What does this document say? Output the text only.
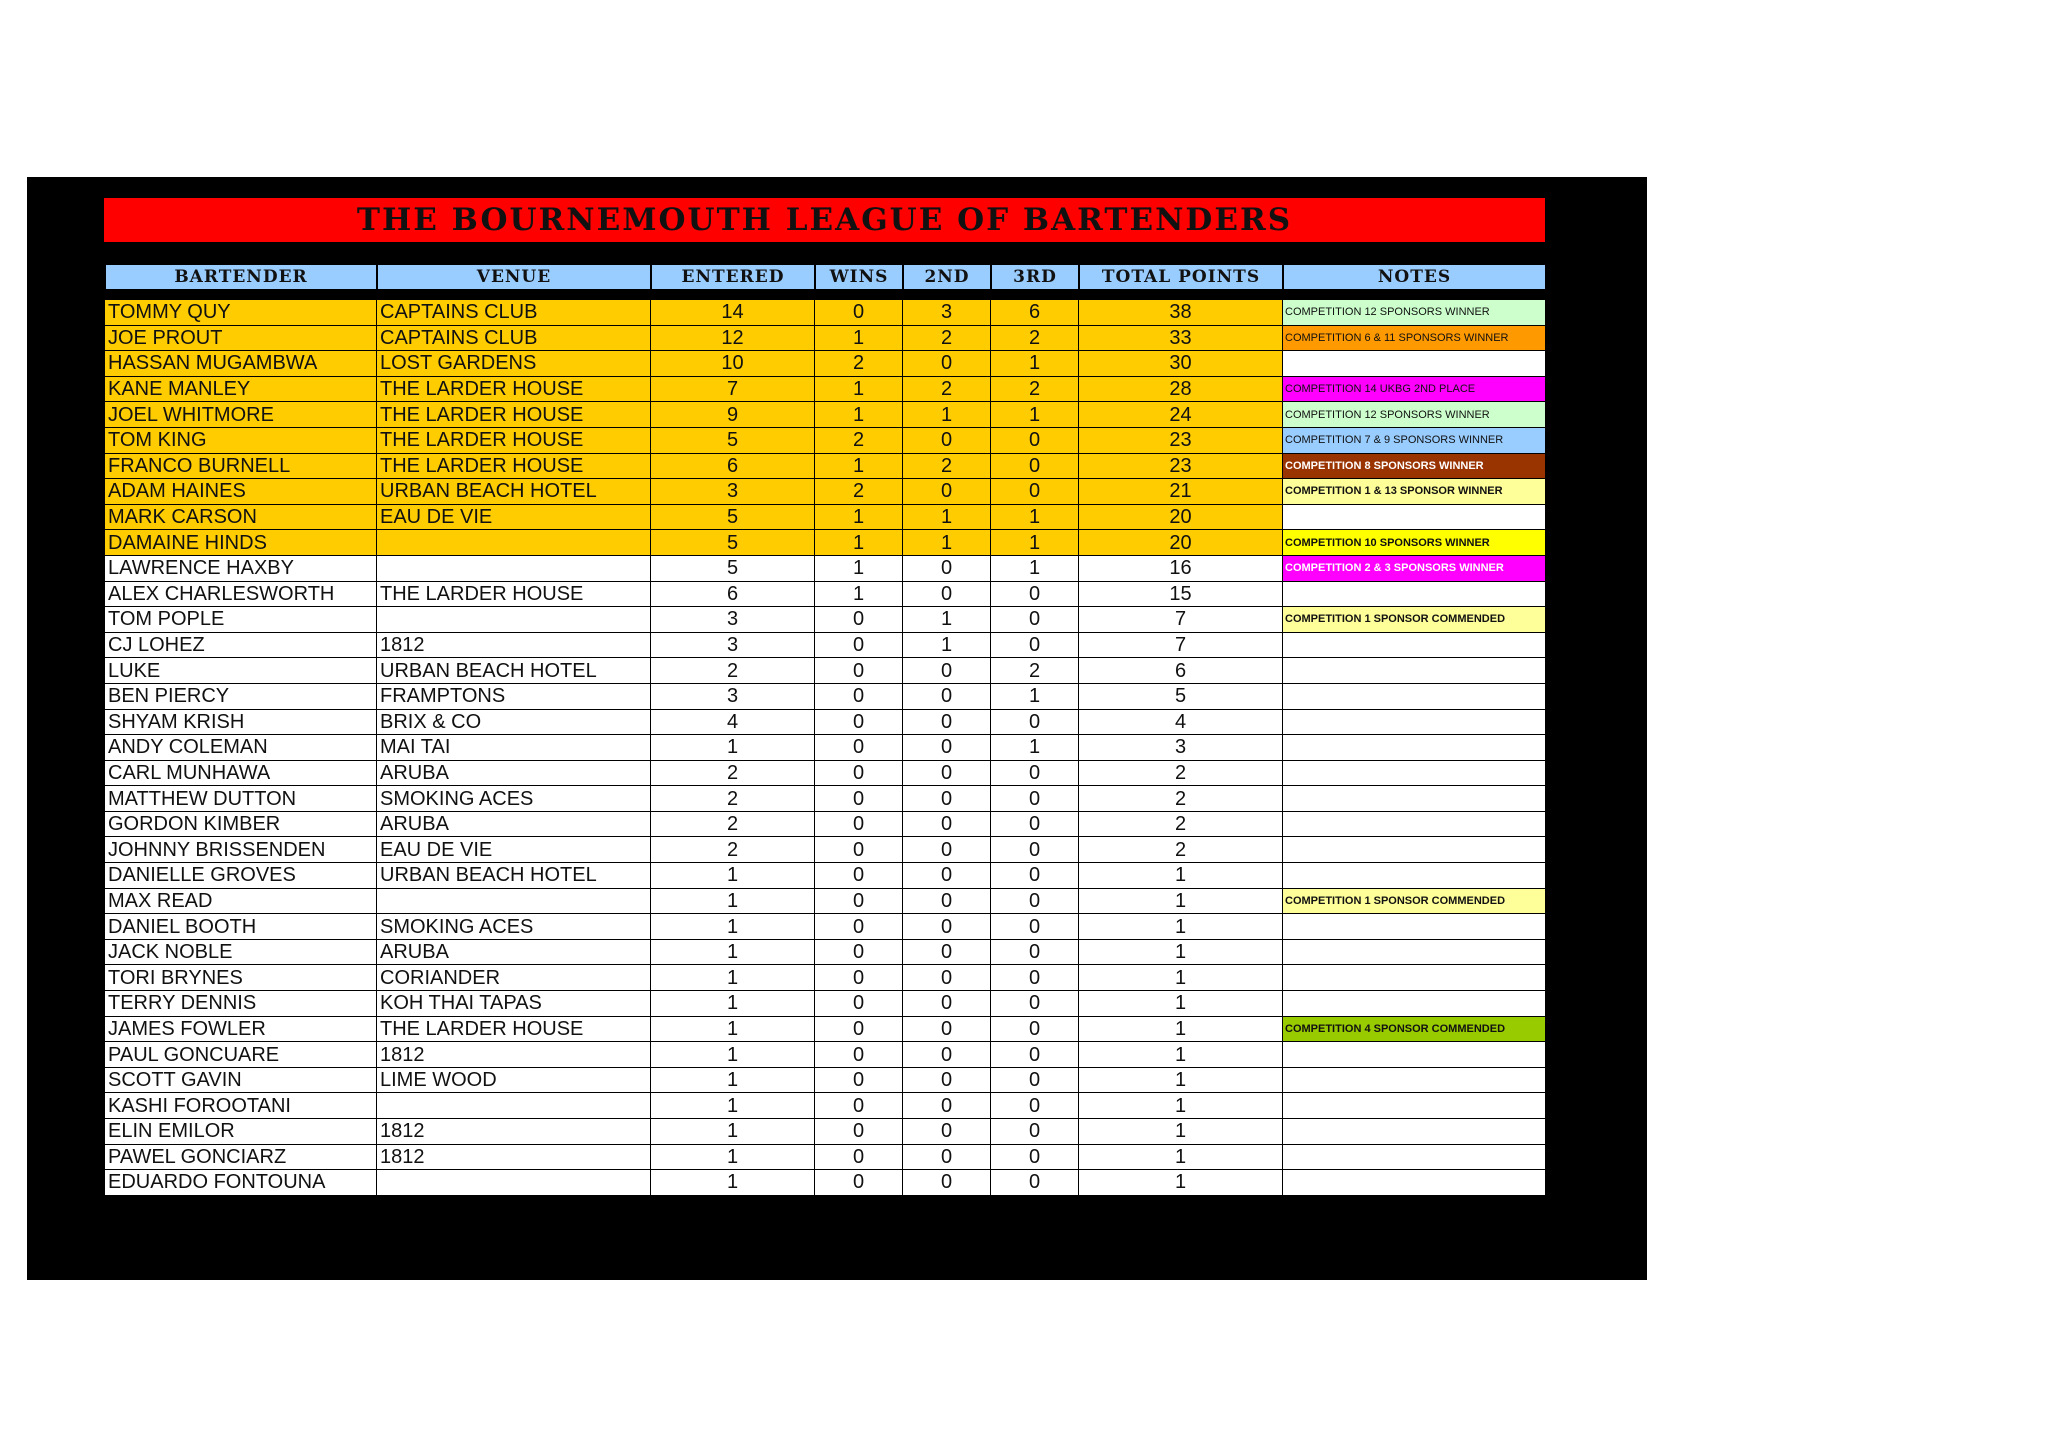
THE BOURNEMOUTH LEAGUE OF BARTENDERS
BARTENDER	VENUE	ENTERED	WINS	2ND	3RD	TOTAL POINTS	NOTES
TOMMY QUY	CAPTAINS CLUB	14	0	3	6	38	COMPETITION 12 SPONSORS WINNER
JOE PROUT	CAPTAINS CLUB	12	1	2	2	33	COMPETITION 6 & 11 SPONSORS WINNER
HASSAN MUGAMBWA	LOST GARDENS	10	2	0	1	30	
KANE MANLEY	THE LARDER HOUSE	7	1	2	2	28	COMPETITION 14 UKBG 2ND PLACE
JOEL WHITMORE	THE LARDER HOUSE	9	1	1	1	24	COMPETITION 12 SPONSORS WINNER
TOM KING	THE LARDER HOUSE	5	2	0	0	23	COMPETITION 7 & 9 SPONSORS WINNER
FRANCO BURNELL	THE LARDER HOUSE	6	1	2	0	23	COMPETITION 8 SPONSORS WINNER
ADAM HAINES	URBAN BEACH HOTEL	3	2	0	0	21	COMPETITION 1 & 13 SPONSOR WINNER
MARK CARSON	EAU DE VIE	5	1	1	1	20	
DAMAINE HINDS		5	1	1	1	20	COMPETITION 10 SPONSORS WINNER
LAWRENCE HAXBY		5	1	0	1	16	COMPETITION 2 & 3 SPONSORS WINNER
ALEX CHARLESWORTH	THE LARDER HOUSE	6	1	0	0	15	
TOM POPLE		3	0	1	0	7	COMPETITION 1 SPONSOR COMMENDED
CJ LOHEZ	1812	3	0	1	0	7	
LUKE	URBAN BEACH HOTEL	2	0	0	2	6	
BEN PIERCY	FRAMPTONS	3	0	0	1	5	
SHYAM KRISH	BRIX & CO	4	0	0	0	4	
ANDY COLEMAN	MAI TAI	1	0	0	1	3	
CARL MUNHAWA	ARUBA	2	0	0	0	2	
MATTHEW DUTTON	SMOKING ACES	2	0	0	0	2	
GORDON KIMBER	ARUBA	2	0	0	0	2	
JOHNNY BRISSENDEN	EAU DE VIE	2	0	0	0	2	
DANIELLE GROVES	URBAN BEACH HOTEL	1	0	0	0	1	
MAX READ		1	0	0	0	1	COMPETITION 1 SPONSOR COMMENDED
DANIEL BOOTH	SMOKING ACES	1	0	0	0	1	
JACK NOBLE	ARUBA	1	0	0	0	1	
TORI BRYNES	CORIANDER	1	0	0	0	1	
TERRY DENNIS	KOH THAI TAPAS	1	0	0	0	1	
JAMES FOWLER	THE LARDER HOUSE	1	0	0	0	1	COMPETITION 4 SPONSOR COMMENDED
PAUL GONCUARE	1812	1	0	0	0	1	
SCOTT GAVIN	LIME WOOD	1	0	0	0	1	
KASHI FOROOTANI		1	0	0	0	1	
ELIN EMILOR	1812	1	0	0	0	1	
PAWEL GONCIARZ	1812	1	0	0	0	1	
EDUARDO FONTOUNA		1	0	0	0	1	
